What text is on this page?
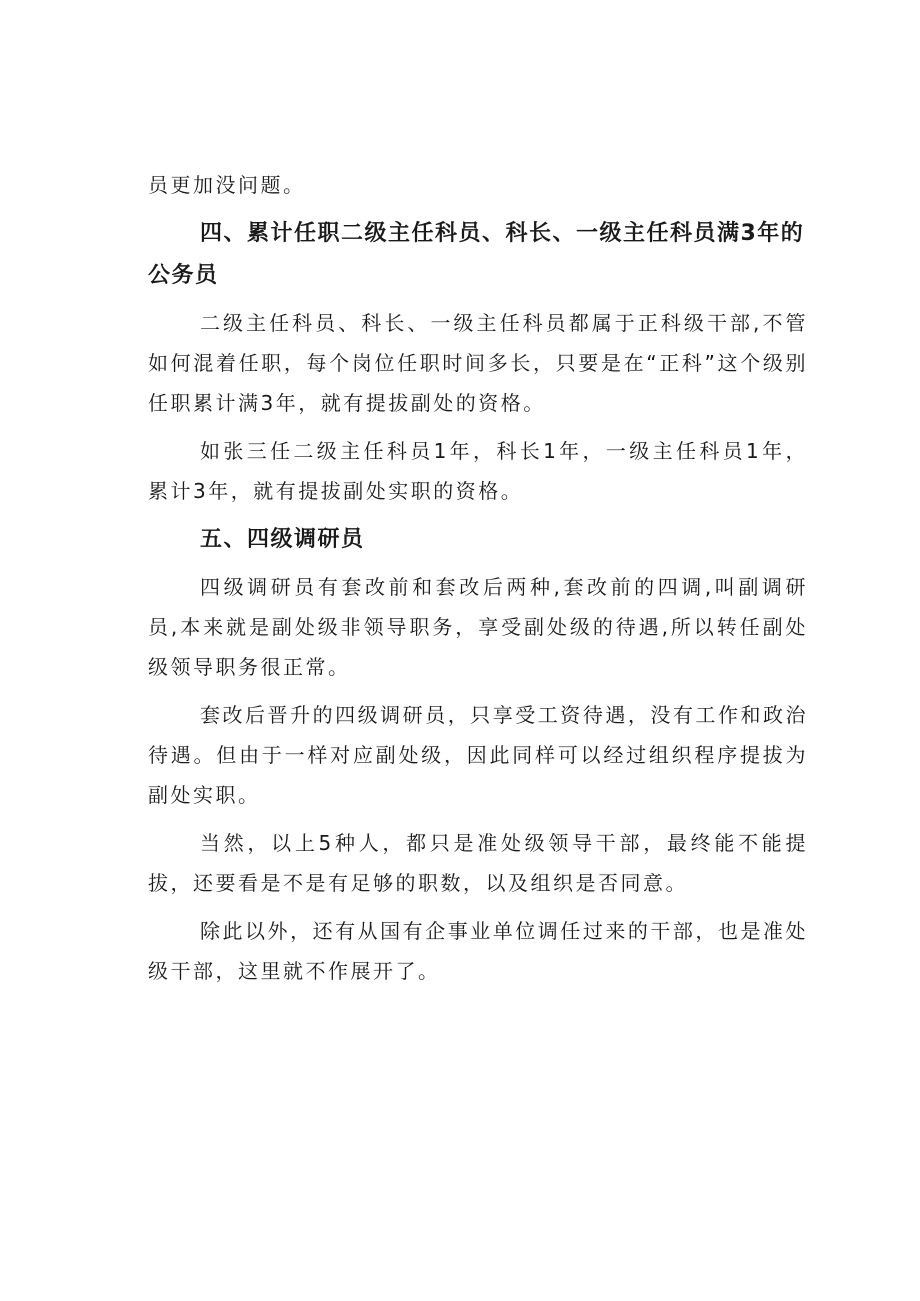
员更加没问题。

四、累计任职二级主任科员、科长、一级主任科员满3年的公务员

二级主任科员、科长、一级主任科员都属于正科级干部,不管如何混着任职，每个岗位任职时间多长，只要是在“正科”这个级别任职累计满3年，就有提拔副处的资格。

如张三任二级主任科员1年，科长1年，一级主任科员1年，累计3年，就有提拔副处实职的资格。

五、四级调研员

四级调研员有套改前和套改后两种,套改前的四调,叫副调研员,本来就是副处级非领导职务，享受副处级的待遇,所以转任副处级领导职务很正常。

套改后晋升的四级调研员，只享受工资待遇，没有工作和政治待遇。但由于一样对应副处级，因此同样可以经过组织程序提拔为副处实职。

当然，以上5种人，都只是准处级领导干部，最终能不能提拔，还要看是不是有足够的职数，以及组织是否同意。

除此以外，还有从国有企事业单位调任过来的干部，也是准处级干部，这里就不作展开了。
